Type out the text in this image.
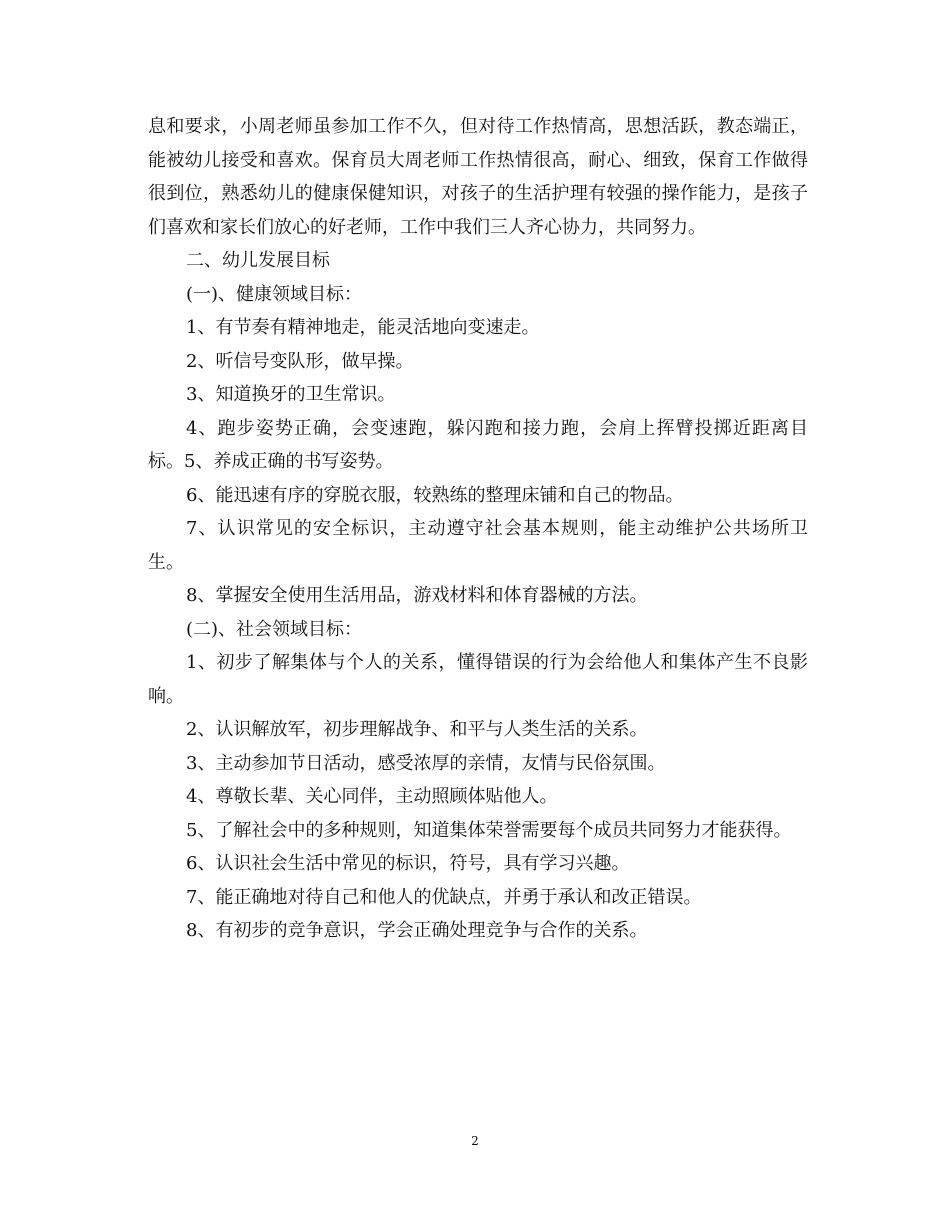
息和要求，小周老师虽参加工作不久，但对待工作热情高，思想活跃，教态端正，能被幼儿接受和喜欢。保育员大周老师工作热情很高，耐心、细致，保育工作做得很到位，熟悉幼儿的健康保健知识，对孩子的生活护理有较强的操作能力，是孩子们喜欢和家长们放心的好老师，工作中我们三人齐心协力，共同努力。

二、幼儿发展目标

(一)、健康领域目标：

1、有节奏有精神地走，能灵活地向变速走。

2、听信号变队形，做早操。

3、知道换牙的卫生常识。

4、跑步姿势正确，会变速跑，躲闪跑和接力跑，会肩上挥臂投掷近距离目标。5、养成正确的书写姿势。

6、能迅速有序的穿脱衣服，较熟练的整理床铺和自己的物品。

7、认识常见的安全标识，主动遵守社会基本规则，能主动维护公共场所卫生。

8、掌握安全使用生活用品，游戏材料和体育器械的方法。

(二)、社会领域目标：

1、初步了解集体与个人的关系，懂得错误的行为会给他人和集体产生不良影响。

2、认识解放军，初步理解战争、和平与人类生活的关系。

3、主动参加节日活动，感受浓厚的亲情，友情与民俗氛围。

4、尊敬长辈、关心同伴，主动照顾体贴他人。

5、了解社会中的多种规则，知道集体荣誉需要每个成员共同努力才能获得。

6、认识社会生活中常见的标识，符号，具有学习兴趣。

7、能正确地对待自己和他人的优缺点，并勇于承认和改正错误。

8、有初步的竞争意识，学会正确处理竞争与合作的关系。

2
